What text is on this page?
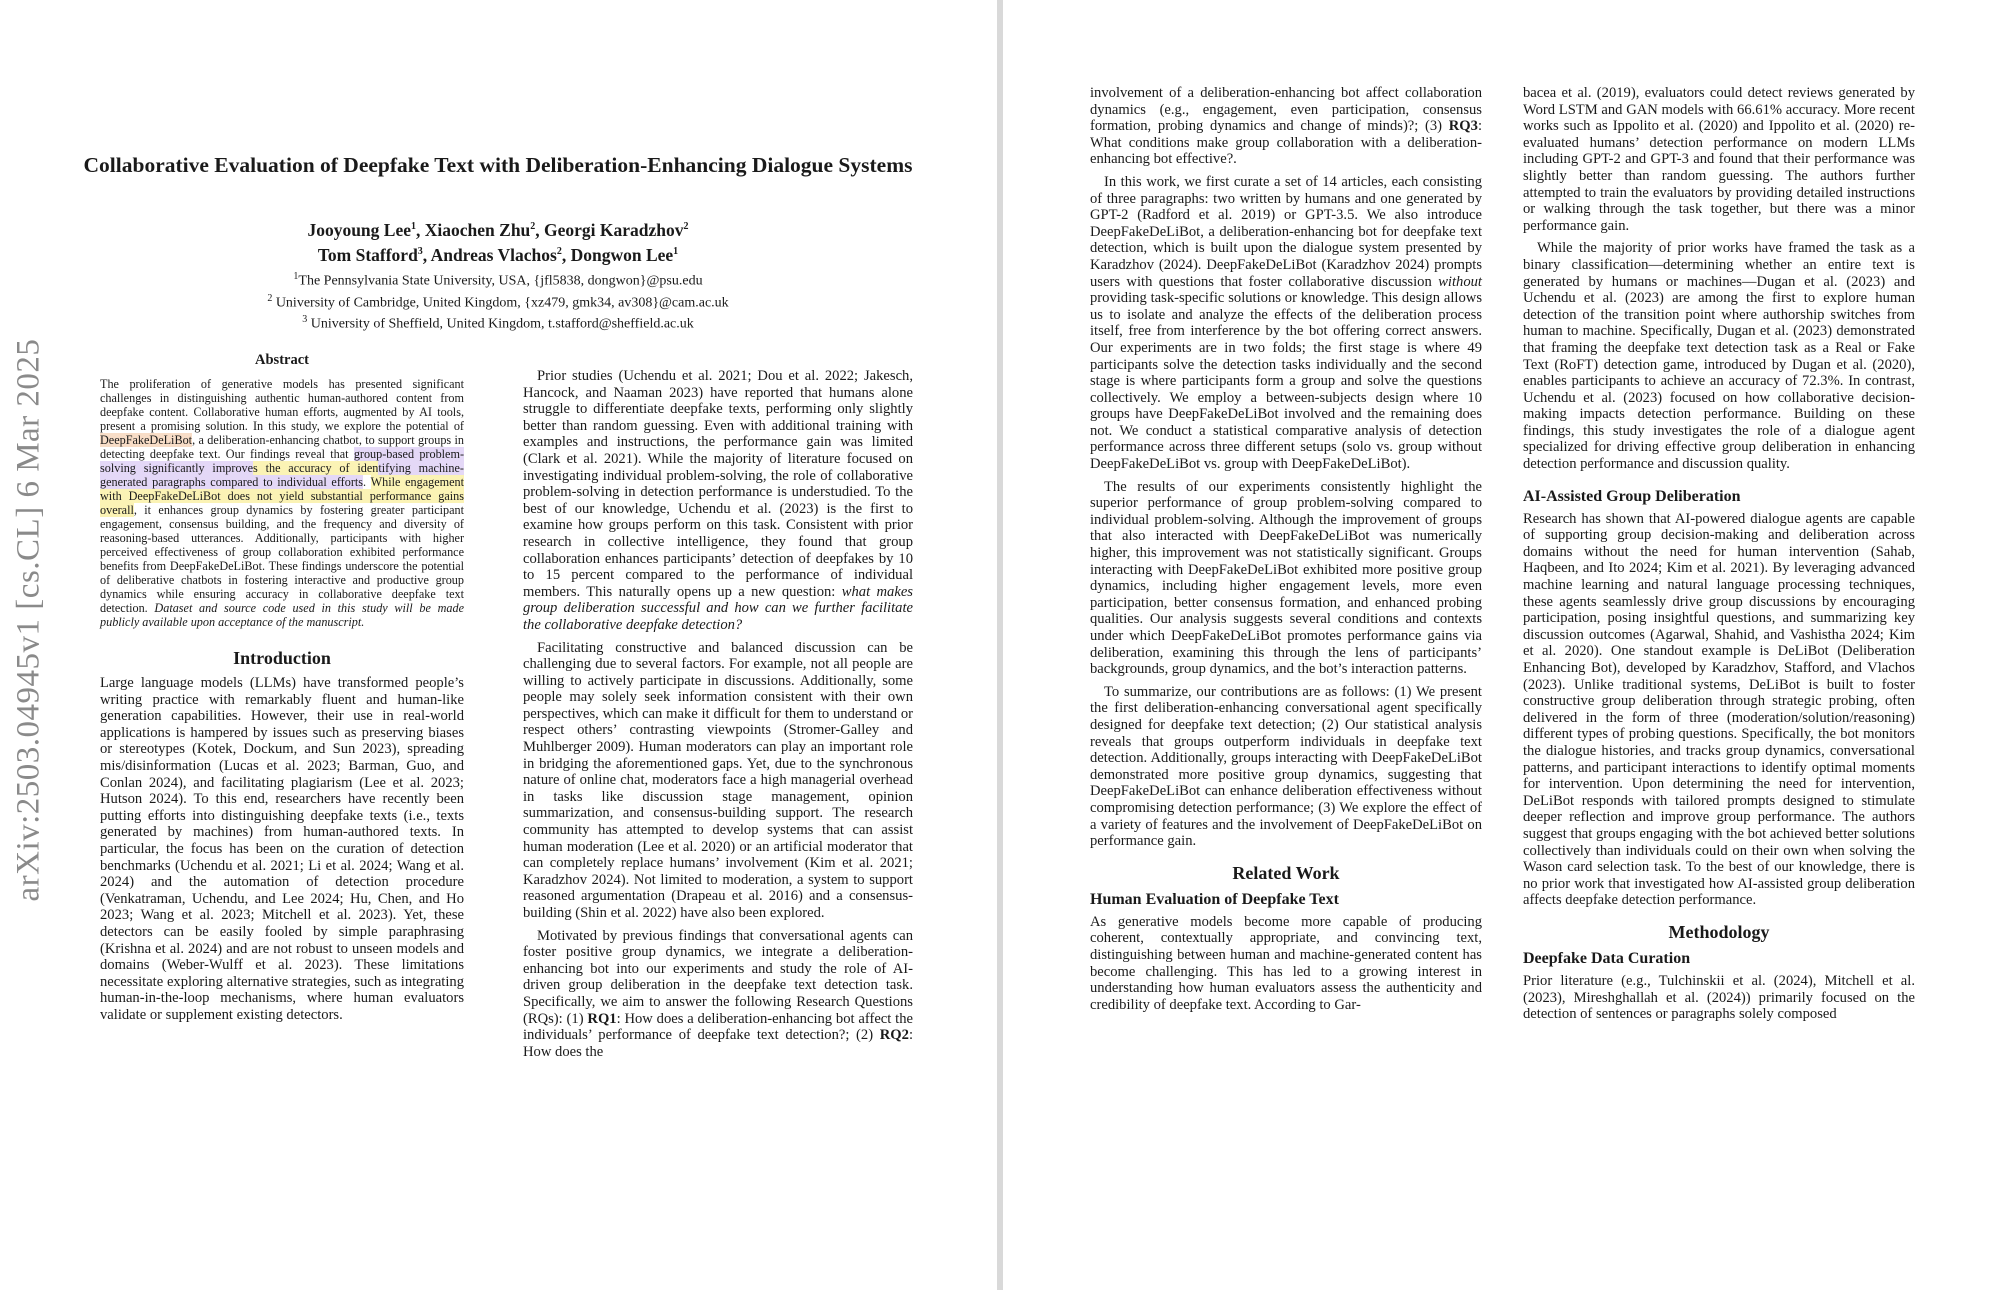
arXiv:2503.04945v1 [cs.CL] 6 Mar 2025
Collaborative Evaluation of Deepfake Text with Deliberation-Enhancing Dialogue Systems
Jooyoung Lee$^1$, Xiaochen Zhu$^2$, Georgi Karadzhov$^2$
Tom Stafford$^3$, Andreas Vlachos$^2$, Dongwon Lee$^1$
$^1$The Pennsylvania State University, USA, {jfl5838, dongwon}@psu.edu
$^2$ University of Cambridge, United Kingdom, {xz479, gmk34, av308}@cam.ac.uk
$^3$ University of Sheffield, United Kingdom, t.stafford@sheffield.ac.uk
Abstract
The proliferation of generative models has presented significant challenges in distinguishing authentic human-authored content from deepfake content. Collaborative human efforts, augmented by AI tools, present a promising solution. In this study, we explore the potential of DeepFakeDeLiBot, a deliberation-enhancing chatbot, to support groups in detecting deepfake text. Our findings reveal that group-based problem-solving significantly improves the accuracy of identifying machine-generated paragraphs compared to individual efforts. While engagement with DeepFakeDeLiBot does not yield substantial performance gains overall, it enhances group dynamics by fostering greater participant engagement, consensus building, and the frequency and diversity of reasoning-based utterances. Additionally, participants with higher perceived effectiveness of group collaboration exhibited performance benefits from DeepFakeDeLiBot. These findings underscore the potential of deliberative chatbots in fostering interactive and productive group dynamics while ensuring accuracy in collaborative deepfake text detection. Dataset and source code used in this study will be made publicly available upon acceptance of the manuscript.
Introduction

Large language models (LLMs) have transformed people’s writing practice with remarkably fluent and human-like generation capabilities. However, their use in real-world applications is hampered by issues such as preserving biases or stereotypes (Kotek, Dockum, and Sun 2023), spreading mis/disinformation (Lucas et al. 2023; Barman, Guo, and Conlan 2024), and facilitating plagiarism (Lee et al. 2023; Hutson 2024). To this end, researchers have recently been putting efforts into distinguishing deepfake texts (i.e., texts generated by machines) from human-authored texts. In particular, the focus has been on the curation of detection benchmarks (Uchendu et al. 2021; Li et al. 2024; Wang et al. 2024) and the automation of detection procedure (Venkatraman, Uchendu, and Lee 2024; Hu, Chen, and Ho 2023; Wang et al. 2023; Mitchell et al. 2023). Yet, these detectors can be easily fooled by simple paraphrasing (Krishna et al. 2024) and are not robust to unseen models and domains (Weber-Wulff et al. 2023). These limitations necessitate exploring alternative strategies, such as integrating human-in-the-loop mechanisms, where human evaluators validate or supplement existing detectors.

Prior studies (Uchendu et al. 2021; Dou et al. 2022; Jakesch, Hancock, and Naaman 2023) have reported that humans alone struggle to differentiate deepfake texts, performing only slightly better than random guessing. Even with additional training with examples and instructions, the performance gain was limited (Clark et al. 2021). While the majority of literature focused on investigating individual problem-solving, the role of collaborative problem-solving in detection performance is understudied. To the best of our knowledge, Uchendu et al. (2023) is the first to examine how groups perform on this task. Consistent with prior research in collective intelligence, they found that group collaboration enhances participants’ detection of deepfakes by 10 to 15 percent compared to the performance of individual members. This naturally opens up a new question: what makes group deliberation successful and how can we further facilitate the collaborative deepfake detection?

Facilitating constructive and balanced discussion can be challenging due to several factors. For example, not all people are willing to actively participate in discussions. Additionally, some people may solely seek information consistent with their own perspectives, which can make it difficult for them to understand or respect others’ contrasting viewpoints (Stromer-Galley and Muhlberger 2009). Human moderators can play an important role in bridging the aforementioned gaps. Yet, due to the synchronous nature of online chat, moderators face a high managerial overhead in tasks like discussion stage management, opinion summarization, and consensus-building support. The research community has attempted to develop systems that can assist human moderation (Lee et al. 2020) or an artificial moderator that can completely replace humans’ involvement (Kim et al. 2021; Karadzhov 2024). Not limited to moderation, a system to support reasoned argumentation (Drapeau et al. 2016) and a consensus-building (Shin et al. 2022) have also been explored.

Motivated by previous findings that conversational agents can foster positive group dynamics, we integrate a deliberation-enhancing bot into our experiments and study the role of AI-driven group deliberation in the deepfake text detection task. Specifically, we aim to answer the following Research Questions (RQs): (1) RQ1: How does a deliberation-enhancing bot affect the individuals’ performance of deepfake text detection?; (2) RQ2: How does the

involvement of a deliberation-enhancing bot affect collaboration dynamics (e.g., engagement, even participation, consensus formation, probing dynamics and change of minds)?; (3) RQ3: What conditions make group collaboration with a deliberation-enhancing bot effective?.

In this work, we first curate a set of 14 articles, each consisting of three paragraphs: two written by humans and one generated by GPT-2 (Radford et al. 2019) or GPT-3.5. We also introduce DeepFakeDeLiBot, a deliberation-enhancing bot for deepfake text detection, which is built upon the dialogue system presented by Karadzhov (2024). DeepFakeDeLiBot (Karadzhov 2024) prompts users with questions that foster collaborative discussion without providing task-specific solutions or knowledge. This design allows us to isolate and analyze the effects of the deliberation process itself, free from interference by the bot offering correct answers. Our experiments are in two folds; the first stage is where 49 participants solve the detection tasks individually and the second stage is where participants form a group and solve the questions collectively. We employ a between-subjects design where 10 groups have DeepFakeDeLiBot involved and the remaining does not. We conduct a statistical comparative analysis of detection performance across three different setups (solo vs. group without DeepFakeDeLiBot vs. group with DeepFakeDeLiBot).

The results of our experiments consistently highlight the superior performance of group problem-solving compared to individual problem-solving. Although the improvement of groups that also interacted with DeepFakeDeLiBot was numerically higher, this improvement was not statistically significant. Groups interacting with DeepFakeDeLiBot exhibited more positive group dynamics, including higher engagement levels, more even participation, better consensus formation, and enhanced probing qualities. Our analysis suggests several conditions and contexts under which DeepFakeDeLiBot promotes performance gains via deliberation, examining this through the lens of participants’ backgrounds, group dynamics, and the bot’s interaction patterns.

To summarize, our contributions are as follows: (1) We present the first deliberation-enhancing conversational agent specifically designed for deepfake text detection; (2) Our statistical analysis reveals that groups outperform individuals in deepfake text detection. Additionally, groups interacting with DeepFakeDeLiBot demonstrated more positive group dynamics, suggesting that DeepFakeDeLiBot can enhance deliberation effectiveness without compromising detection performance; (3) We explore the effect of a variety of features and the involvement of DeepFakeDeLiBot on performance gain.

Related Work
Human Evaluation of Deepfake Text

As generative models become more capable of producing coherent, contextually appropriate, and convincing text, distinguishing between human and machine-generated content has become challenging. This has led to a growing interest in understanding how human evaluators assess the authenticity and credibility of deepfake text. According to Gar-

bacea et al. (2019), evaluators could detect reviews generated by Word LSTM and GAN models with 66.61% accuracy. More recent works such as Ippolito et al. (2020) and Ippolito et al. (2020) re-evaluated humans’ detection performance on modern LLMs including GPT-2 and GPT-3 and found that their performance was slightly better than random guessing. The authors further attempted to train the evaluators by providing detailed instructions or walking through the task together, but there was a minor performance gain.

While the majority of prior works have framed the task as a binary classification—determining whether an entire text is generated by humans or machines—Dugan et al. (2023) and Uchendu et al. (2023) are among the first to explore human detection of the transition point where authorship switches from human to machine. Specifically, Dugan et al. (2023) demonstrated that framing the deepfake text detection task as a Real or Fake Text (RoFT) detection game, introduced by Dugan et al. (2020), enables participants to achieve an accuracy of 72.3%. In contrast, Uchendu et al. (2023) focused on how collaborative decision-making impacts detection performance. Building on these findings, this study investigates the role of a dialogue agent specialized for driving effective group deliberation in enhancing detection performance and discussion quality.

AI-Assisted Group Deliberation

Research has shown that AI-powered dialogue agents are capable of supporting group decision-making and deliberation across domains without the need for human intervention (Sahab, Haqbeen, and Ito 2024; Kim et al. 2021). By leveraging advanced machine learning and natural language processing techniques, these agents seamlessly drive group discussions by encouraging participation, posing insightful questions, and summarizing key discussion outcomes (Agarwal, Shahid, and Vashistha 2024; Kim et al. 2020). One standout example is DeLiBot (Deliberation Enhancing Bot), developed by Karadzhov, Stafford, and Vlachos (2023). Unlike traditional systems, DeLiBot is built to foster constructive group deliberation through strategic probing, often delivered in the form of three (moderation/solution/reasoning) different types of probing questions. Specifically, the bot monitors the dialogue histories, and tracks group dynamics, conversational patterns, and participant interactions to identify optimal moments for intervention. Upon determining the need for intervention, DeLiBot responds with tailored prompts designed to stimulate deeper reflection and improve group performance. The authors suggest that groups engaging with the bot achieved better solutions collectively than individuals could on their own when solving the Wason card selection task. To the best of our knowledge, there is no prior work that investigated how AI-assisted group deliberation affects deepfake detection performance.

Methodology
Deepfake Data Curation

Prior literature (e.g., Tulchinskii et al. (2024), Mitchell et al. (2023), Mireshghallah et al. (2024)) primarily focused on the detection of sentences or paragraphs solely composed
